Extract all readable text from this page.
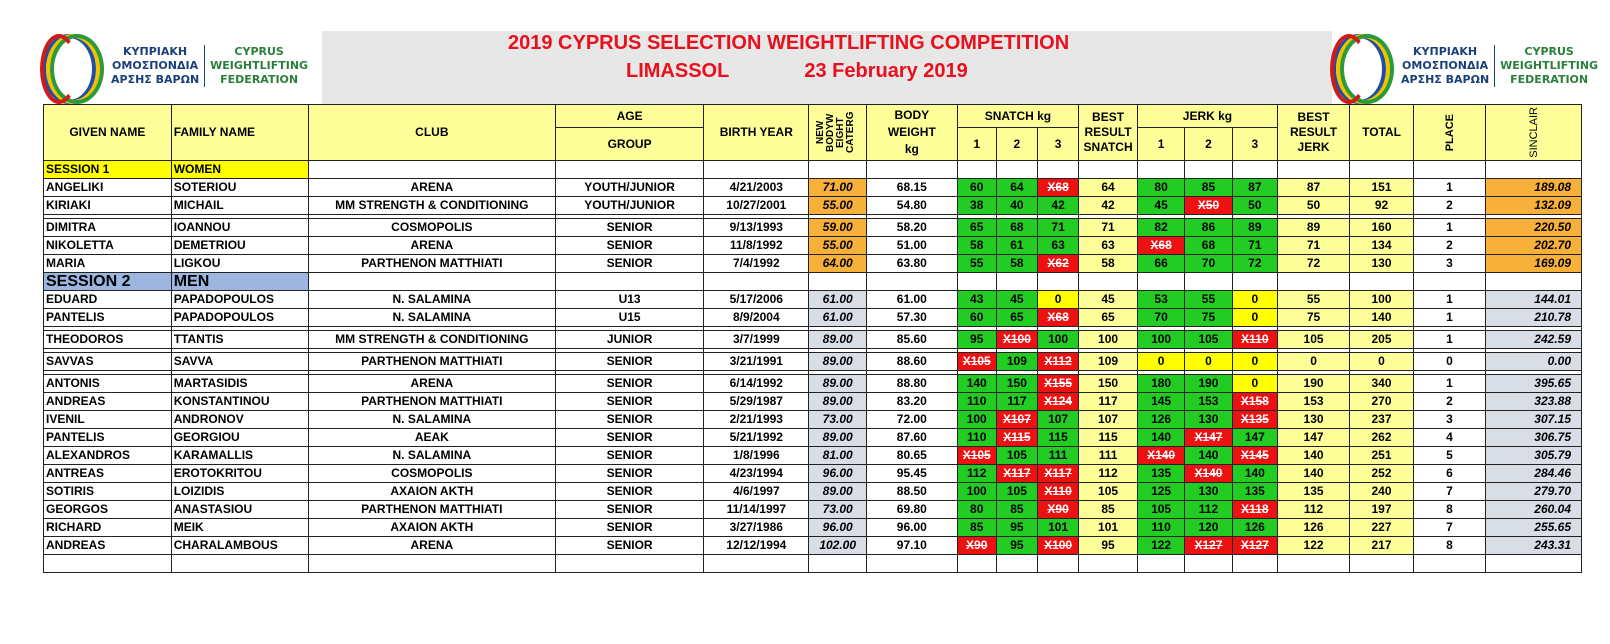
ΚΥΠΡΙΑΚΗ
ΟΜΟΣΠΟΝΔΙΑ
ΑΡΣΗΣ ΒΑΡΩΝ
CYPRUS
WEIGHTLIFTING
FEDERATION
ΚΥΠΡΙΑΚΗ
ΟΜΟΣΠΟΝΔΙΑ
ΑΡΣΗΣ ΒΑΡΩΝ
CYPRUS
WEIGHTLIFTING
FEDERATION
2019 CYPRUS SELECTION WEIGHTLIFTING COMPETITION
LIMASSOL	23 February 2019
GIVEN NAME	FAMILY NAME	CLUB	AGE	BIRTH YEAR	NEW BODYW EIGHT CATERG	BODY
WEIGHT
kg	SNATCH kg			BEST RESULT SNATCH	JERK kg			BEST RESULT JERK	TOTAL	PLACE	SINCLAIR

			GROUP				1	2	3		1	2	3				
SESSION 1	WOMEN																
ANGELIKI	SOTERIOU	ARENA	YOUTH/JUNIOR	4/21/2003	71.00	68.15	60	64	X68	64	80	85	87	87	151	1	189.08
KIRIAKI	MICHAIL	MM STRENGTH & CONDITIONING	YOUTH/JUNIOR	10/27/2001	55.00	54.80	38	40	42	42	45	X50	50	50	92	2	132.09

DIMITRA	IOANNOU	COSMOPOLIS	SENIOR	9/13/1993	59.00	58.20	65	68	71	71	82	86	89	89	160	1	220.50
NIKOLETTA	DEMETRIOU	ARENA	SENIOR	11/8/1992	55.00	51.00	58	61	63	63	X68	68	71	71	134	2	202.70
MARIA	LIGKOU	PARTHENON MATTHIATI	SENIOR	7/4/1992	64.00	63.80	55	58	X62	58	66	70	72	72	130	3	169.09
SESSION 2	MEN																
EDUARD	PAPADOPOULOS	N. SALAMINA	U13	5/17/2006	61.00	61.00	43	45	0	45	53	55	0	55	100	1	144.01
PANTELIS	PAPADOPOULOS	N. SALAMINA	U15	8/9/2004	61.00	57.30	60	65	X68	65	70	75	0	75	140	1	210.78

THEODOROS	TTANTIS	MM STRENGTH & CONDITIONING	JUNIOR	3/7/1999	89.00	85.60	95	X100	100	100	100	105	X110	105	205	1	242.59

SAVVAS	SAVVA	PARTHENON MATTHIATI	SENIOR	3/21/1991	89.00	88.60	X105	109	X112	109	0	0	0	0	0	0	0.00

ANTONIS	MARTASIDIS	ARENA	SENIOR	6/14/1992	89.00	88.80	140	150	X155	150	180	190	0	190	340	1	395.65
ANDREAS	KONSTANTINOU	PARTHENON MATTHIATI	SENIOR	5/29/1987	89.00	83.20	110	117	X124	117	145	153	X158	153	270	2	323.88
IVENIL	ANDRONOV	N. SALAMINA	SENIOR	2/21/1993	73.00	72.00	100	X107	107	107	126	130	X135	130	237	3	307.15
PANTELIS	GEORGIOU	AEAK	SENIOR	5/21/1992	89.00	87.60	110	X115	115	115	140	X147	147	147	262	4	306.75
ALEXANDROS	KARAMALLIS	N. SALAMINA	SENIOR	1/8/1996	81.00	80.65	X105	105	111	111	X140	140	X145	140	251	5	305.79
ANTREAS	EROTOKRITOU	COSMOPOLIS	SENIOR	4/23/1994	96.00	95.45	112	X117	X117	112	135	X140	140	140	252	6	284.46
SOTIRIS	LOIZIDIS	ΑΧΑΙΟΝ ΑΚΤΗ	SENIOR	4/6/1997	89.00	88.50	100	105	X110	105	125	130	135	135	240	7	279.70
GEORGOS	ANASTASIOU	PARTHENON MATTHIATI	SENIOR	11/14/1997	73.00	69.80	80	85	X90	85	105	112	X118	112	197	8	260.04
RICHARD	MEIK	ΑΧΑΙΟΝ ΑΚΤΗ	SENIOR	3/27/1986	96.00	96.00	85	95	101	101	110	120	126	126	227	7	255.65
ANDREAS	CHARALAMBOUS	ARENA	SENIOR	12/12/1994	102.00	97.10	X90	95	X100	95	122	X127	X127	122	217	8	243.31
